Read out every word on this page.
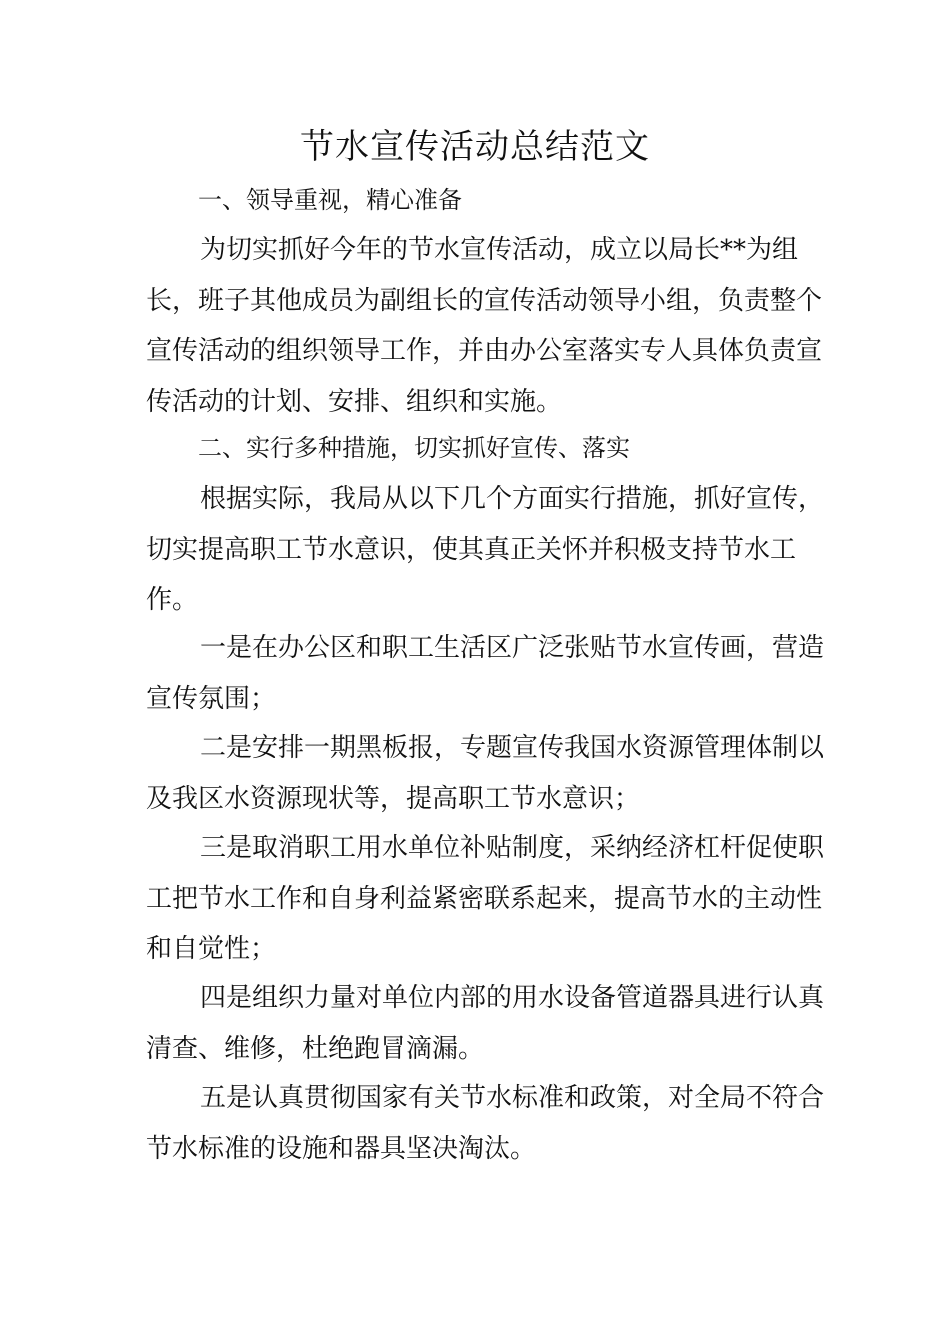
节水宣传活动总结范文

一、领导重视，精心准备

为切实抓好今年的节水宣传活动，成立以局长**为组长，班子其他成员为副组长的宣传活动领导小组，负责整个宣传活动的组织领导工作，并由办公室落实专人具体负责宣传活动的计划、安排、组织和实施。

二、实行多种措施，切实抓好宣传、落实

根据实际，我局从以下几个方面实行措施，抓好宣传，切实提高职工节水意识，使其真正关怀并积极支持节水工作。

一是在办公区和职工生活区广泛张贴节水宣传画，营造宣传氛围；

二是安排一期黑板报，专题宣传我国水资源管理体制以及我区水资源现状等，提高职工节水意识；

三是取消职工用水单位补贴制度，采纳经济杠杆促使职工把节水工作和自身利益紧密联系起来，提高节水的主动性和自觉性；

四是组织力量对单位内部的用水设备管道器具进行认真清查、维修，杜绝跑冒滴漏。

五是认真贯彻国家有关节水标准和政策，对全局不符合节水标准的设施和器具坚决淘汰。
